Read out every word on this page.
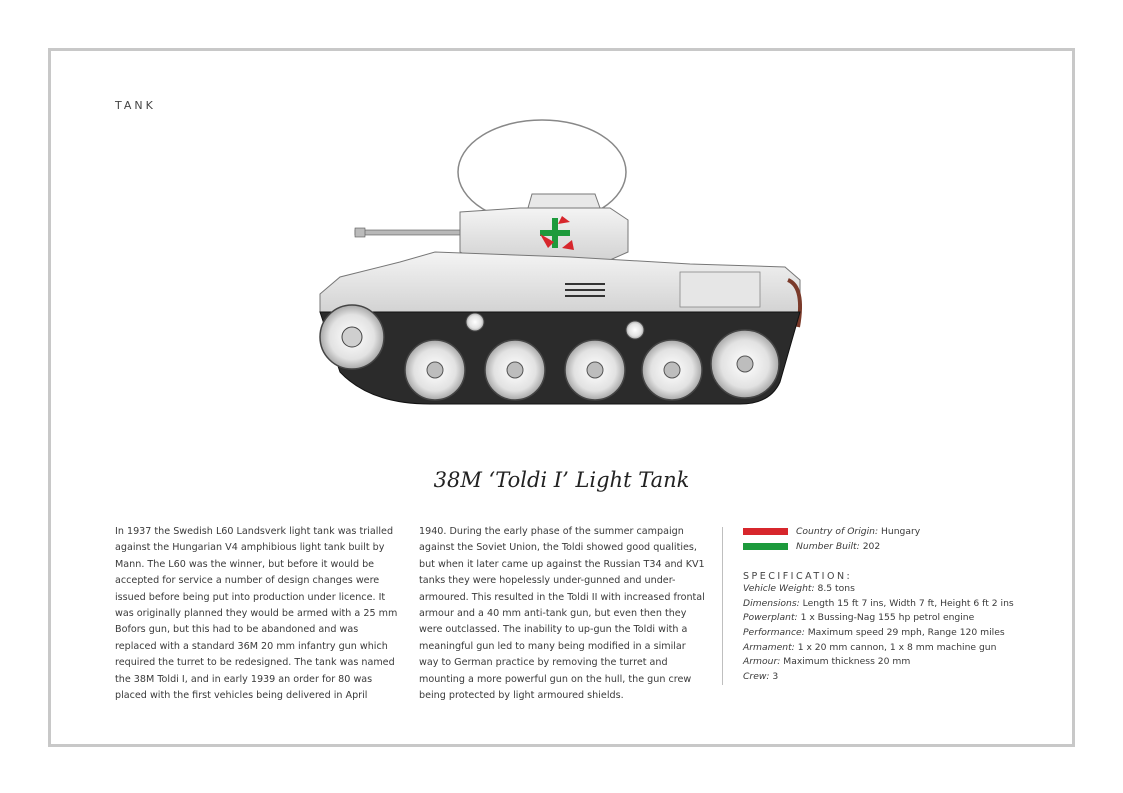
TANK
38M ‘Toldi I’ Light Tank
In 1937 the Swedish L60 Landsverk light tank was trialled against the Hungarian V4 amphibious light tank built by Mann. The L60 was the winner, but before it would be accepted for service a number of design changes were issued before being put into production under licence. It was originally planned they would be armed with a 25 mm Bofors gun, but this had to be abandoned and was replaced with a standard 36M 20 mm infantry gun which required the turret to be redesigned. The tank was named the 38M Toldi I, and in early 1939 an order for 80 was placed with the first vehicles being delivered in April
1940. During the early phase of the summer campaign against the Soviet Union, the Toldi showed good qualities, but when it later came up against the Russian T34 and KV1 tanks they were hopelessly under-gunned and under-armoured. This resulted in the Toldi II with increased frontal armour and a 40 mm anti-tank gun, but even then they were outclassed. The inability to up-gun the Toldi with a meaningful gun led to many being modified in a similar way to German practice by removing the turret and mounting a more powerful gun on the hull, the gun crew being protected by light armoured shields.
Country of Origin:
Hungary
Number Built:
202
SPECIFICATION:
Vehicle Weight: 8.5 tons
Dimensions: Length 15 ft 7 ins, Width 7 ft, Height 6 ft 2 ins
Powerplant: 1 x Bussing-Nag 155 hp petrol engine
Performance: Maximum speed 29 mph, Range 120 miles
Armament: 1 x 20 mm cannon, 1 x 8 mm machine gun
Armour: Maximum thickness 20 mm
Crew: 3
